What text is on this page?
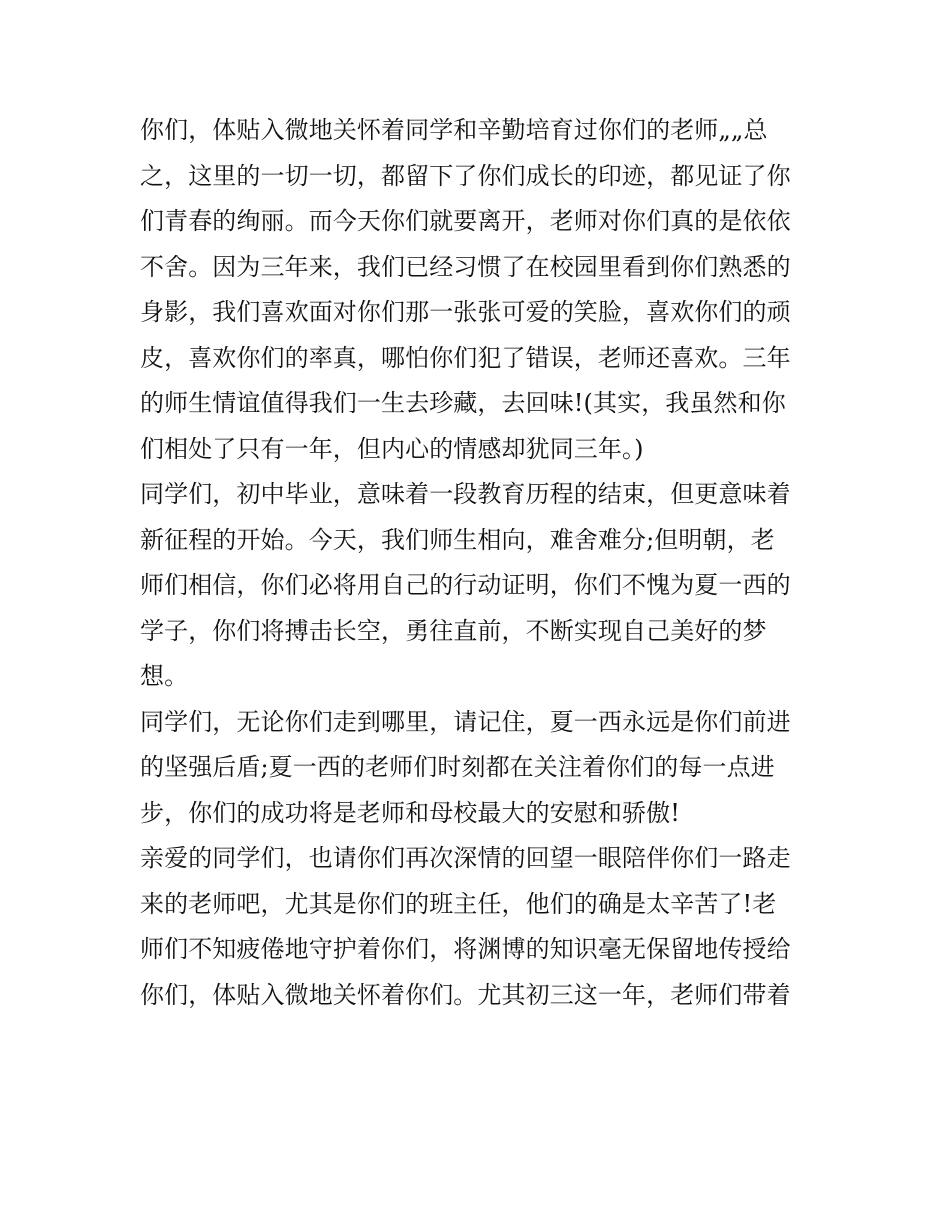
你们，体贴入微地关怀着同学和辛勤培育过你们的老师„„总
之，这里的一切一切，都留下了你们成长的印迹，都见证了你
们青春的绚丽。而今天你们就要离开，老师对你们真的是依依
不舍。因为三年来，我们已经习惯了在校园里看到你们熟悉的
身影，我们喜欢面对你们那一张张可爱的笑脸，喜欢你们的顽
皮，喜欢你们的率真，哪怕你们犯了错误，老师还喜欢。三年
的师生情谊值得我们一生去珍藏，去回味!(其实，我虽然和你
们相处了只有一年，但内心的情感却犹同三年。)
同学们，初中毕业，意味着一段教育历程的结束，但更意味着
新征程的开始。今天，我们师生相向，难舍难分;但明朝，老
师们相信，你们必将用自己的行动证明，你们不愧为夏一西的
学子，你们将搏击长空，勇往直前，不断实现自己美好的梦
想。
同学们，无论你们走到哪里，请记住，夏一西永远是你们前进
的坚强后盾;夏一西的老师们时刻都在关注着你们的每一点进
步，你们的成功将是老师和母校最大的安慰和骄傲!
亲爱的同学们，也请你们再次深情的回望一眼陪伴你们一路走
来的老师吧，尤其是你们的班主任，他们的确是太辛苦了!老
师们不知疲倦地守护着你们，将渊博的知识毫无保留地传授给
你们，体贴入微地关怀着你们。尤其初三这一年，老师们带着
